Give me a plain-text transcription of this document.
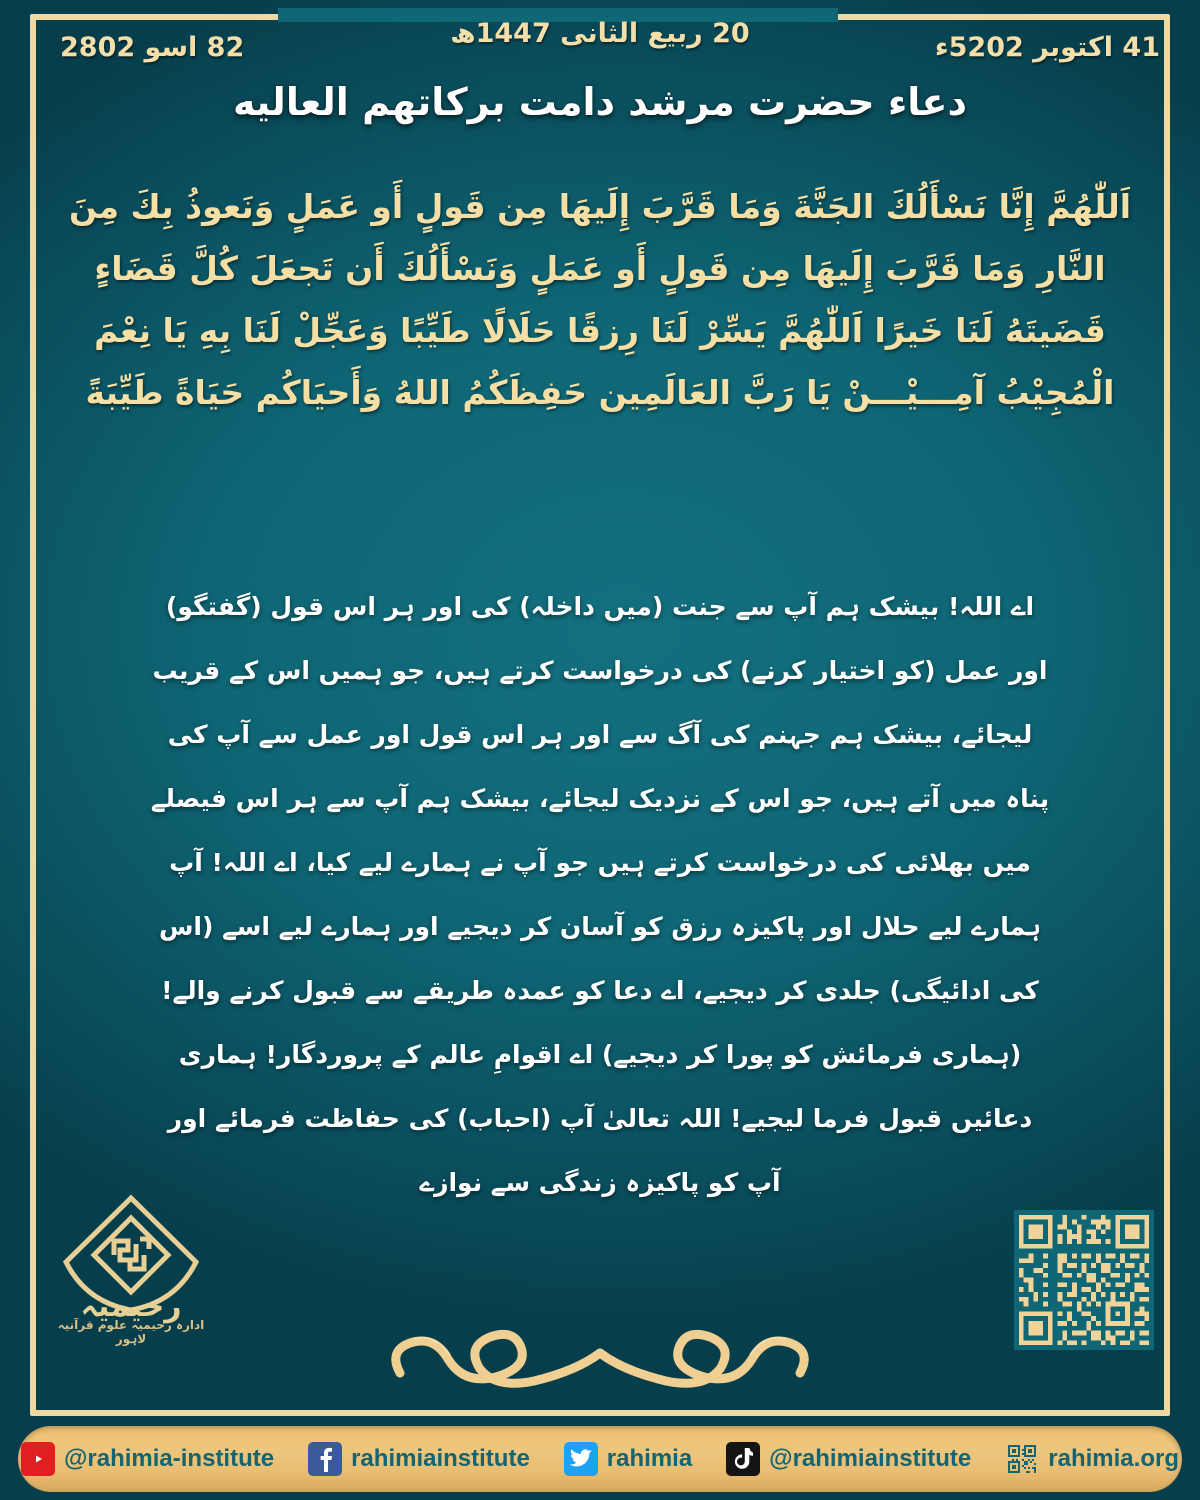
28 اسو 2082	14 اکتوبر 2025ء
20 ربیع الثانی 1447ھ
دعاء حضرت مرشد دامت برکاتهم العالیه
اَللّٰهُمَّ إِنَّا نَسْأَلُكَ الجَنَّةَ وَمَا قَرَّبَ إِلَيهَا مِن قَولٍ أَو عَمَلٍ وَنَعوذُ بِكَ مِنَ النَّارِ وَمَا قَرَّبَ إِلَيهَا مِن قَولٍ أَو عَمَلٍ وَنَسْأَلُكَ أَن تَجعَلَ كُلَّ قَضَاءٍ قَضَيتَهُ لَنَا خَيرًا اَللّٰهُمَّ يَسِّرْ لَنَا رِزقًا حَلَالًا طَيِّبًا وَعَجِّلْ لَنَا بِهِ يَا نِعْمَ الْمُجِيْبُ آمِـــيْـــنْ يَا رَبَّ العَالَمِين حَفِظَكُمُ اللهُ وَأَحيَاكُم حَيَاةً طَيِّبَةً
اے اللہ! بیشک ہم آپ سے جنت (میں داخلہ) کی اور ہر اس قول (گفتگو) اور عمل (کو اختیار کرنے) کی درخواست کرتے ہیں، جو ہمیں اس کے قریب لیجائے، بیشک ہم جہنم کی آگ سے اور ہر اس قول اور عمل سے آپ کی پناہ میں آتے ہیں، جو اس کے نزدیک لیجائے، بیشک ہم آپ سے ہر اس فیصلے میں بھلائی کی درخواست کرتے ہیں جو آپ نے ہمارے لیے کیا، اے اللہ! آپ ہمارے لیے حلال اور پاکیزہ رزق کو آسان کر دیجیے اور ہمارے لیے اسے (اس کی ادائیگی) جلدی کر دیجیے، اے دعا کو عمدہ طریقے سے قبول کرنے والے! (ہماری فرمائش کو پورا کر دیجیے) اے اقوامِ عالم کے پروردگار! ہماری دعائیں قبول فرما لیجیے! اللہ تعالیٰ آپ (احباب) کی حفاظت فرمائے اور آپ کو پاکیزہ زندگی سے نوازے
رحیمیہ
ادارہ رحیمیہ علوم قرآنیہ لاہور
@rahimia-institute	rahimiainstitute	rahimia	@rahimiainstitute	rahimia.org
